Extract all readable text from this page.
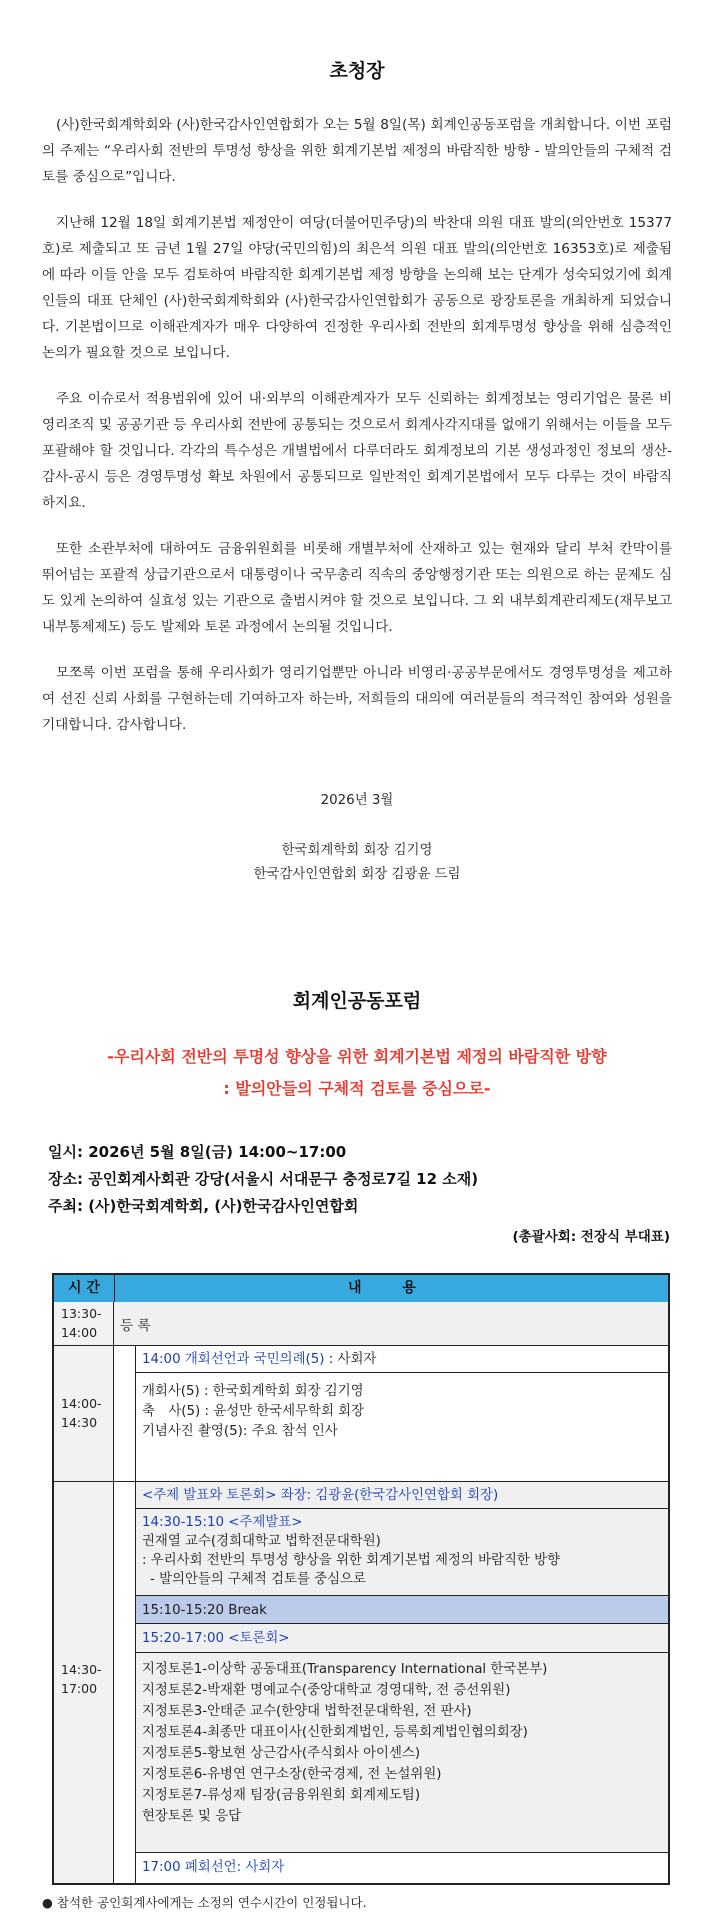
초청장

(사)한국회계학회와 (사)한국감사인연합회가 오는 5월 8일(목) 회계인공동포럼을 개최합니다. 이번 포럼의 주제는 “우리사회 전반의 투명성 향상을 위한 회계기본법 제정의 바람직한 방향 - 발의안들의 구체적 검토를 중심으로”입니다.

지난해 12월 18일 회계기본법 제정안이 여당(더불어민주당)의 박찬대 의원 대표 발의(의안번호 15377호)로 제출되고 또 금년 1월 27일 야당(국민의힘)의 최은석 의원 대표 발의(의안번호 16353호)로 제출됨에 따라 이들 안을 모두 검토하여 바람직한 회계기본법 제정 방향을 논의해 보는 단계가 성숙되었기에 회계인들의 대표 단체인 (사)한국회계학회와 (사)한국감사인연합회가 공동으로 광장토론을 개최하게 되었습니다. 기본법이므로 이해관계자가 매우 다양하여 진정한 우리사회 전반의 회계투명성 향상을 위해 심층적인 논의가 필요할 것으로 보입니다.

주요 이슈로서 적용범위에 있어 내·외부의 이해관계자가 모두 신뢰하는 회계정보는 영리기업은 물론 비영리조직 및 공공기관 등 우리사회 전반에 공통되는 것으로서 회계사각지대를 없애기 위해서는 이들을 모두 포괄해야 할 것입니다. 각각의 특수성은 개별법에서 다루더라도 회계정보의 기본 생성과정인 정보의 생산-감사-공시 등은 경영투명성 확보 차원에서 공통되므로 일반적인 회계기본법에서 모두 다루는 것이 바람직하지요.

또한 소관부처에 대하여도 금융위원회를 비롯해 개별부처에 산재하고 있는 현재와 달리 부처 칸막이를 뛰어넘는 포괄적 상급기관으로서 대통령이나 국무총리 직속의 중앙행정기관 또는 의원으로 하는 문제도 심도 있게 논의하여 실효성 있는 기관으로 출범시켜야 할 것으로 보입니다. 그 외 내부회계관리제도(재무보고 내부통제제도) 등도 발제와 토론 과정에서 논의될 것입니다.

모쪼록 이번 포럼을 통해 우리사회가 영리기업뿐만 아니라 비영리·공공부문에서도 경영투명성을 제고하여 선진 신뢰 사회를 구현하는데 기여하고자 하는바, 저희들의 대의에 여러분들의 적극적인 참여와 성원을 기대합니다. 감사합니다.

2026년 3월
한국회계학회 회장 김기영
한국감사인연합회 회장 김광윤 드림
회계인공동포럼
-우리사회 전반의 투명성 향상을 위한 회계기본법 제정의 바람직한 방향
: 발의안들의 구체적 검토를 중심으로-
일시: 2026년 5월 8일(금) 14:00~17:00
장소: 공인회계사회관 강당(서울시 서대문구 충정로7길 12 소재)
주최: (사)한국회계학회, (사)한국감사인연합회
(총괄사회: 전장식 부대표)
시 간	내 용
13:30-
14:00 등 록
14:00-
14:30
14:00 개회선언과 국민의례(5) : 사회자
개회사(5) : 한국회계학회 회장 김기영
축　사(5) : 윤성만 한국세무학회 회장
기념사진 촬영(5): 주요 참석 인사
14:30-
17:00
<주제 발표와 토론회> 좌장: 김광윤(한국감사인연합회 회장)
14:30-15:10 <주제발표>
권재열 교수(경희대학교 법학전문대학원)
: 우리사회 전반의 투명성 향상을 위한 회계기본법 제정의 바람직한 방향
- 발의안들의 구체적 검토를 중심으로
15:10-15:20 Break
15:20-17:00 <토론회>
지정토론1-이상학 공동대표(Transparency International 한국본부)
지정토론2-박재환 명예교수(중앙대학교 경영대학, 전 증선위원)
지정토론3-안태준 교수(한양대 법학전문대학원, 전 판사)
지정토론4-최종만 대표이사(신한회계법인, 등록회계법인협의회장)
지정토론5-황보현 상근감사(주식회사 아이센스)
지정토론6-유병연 연구소장(한국경제, 전 논설위원)
지정토론7-류성재 팀장(금융위원회 회계제도팀)
현장토론 및 응답
17:00 폐회선언: 사회자
● 참석한 공인회계사에게는 소정의 연수시간이 인정됩니다.
